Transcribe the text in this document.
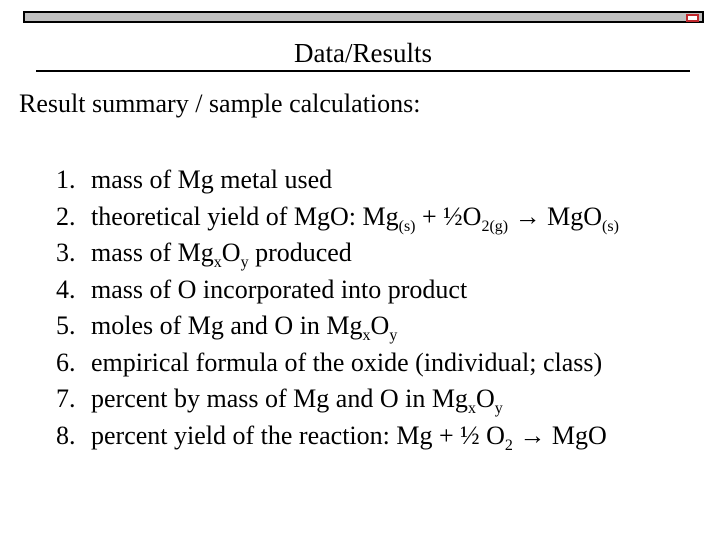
Data/Results
Result summary / sample calculations:
1. mass of Mg metal used
2. theoretical yield of MgO: $Mg_{(s)}$ + $\frac{1}{2}O_{2(g)} \to MgO_{(s)}$
3. mass of $Mg_xO_y$ produced
4. mass of O incorporated into product
5. moles of Mg and O in $Mg_xO_y$
6. empirical formula of the oxide (individual; class)
7. percent by mass of Mg and O in $Mg_xO_y$
8. percent yield of the reaction: Mg + ½ $O_2$ → MgO
